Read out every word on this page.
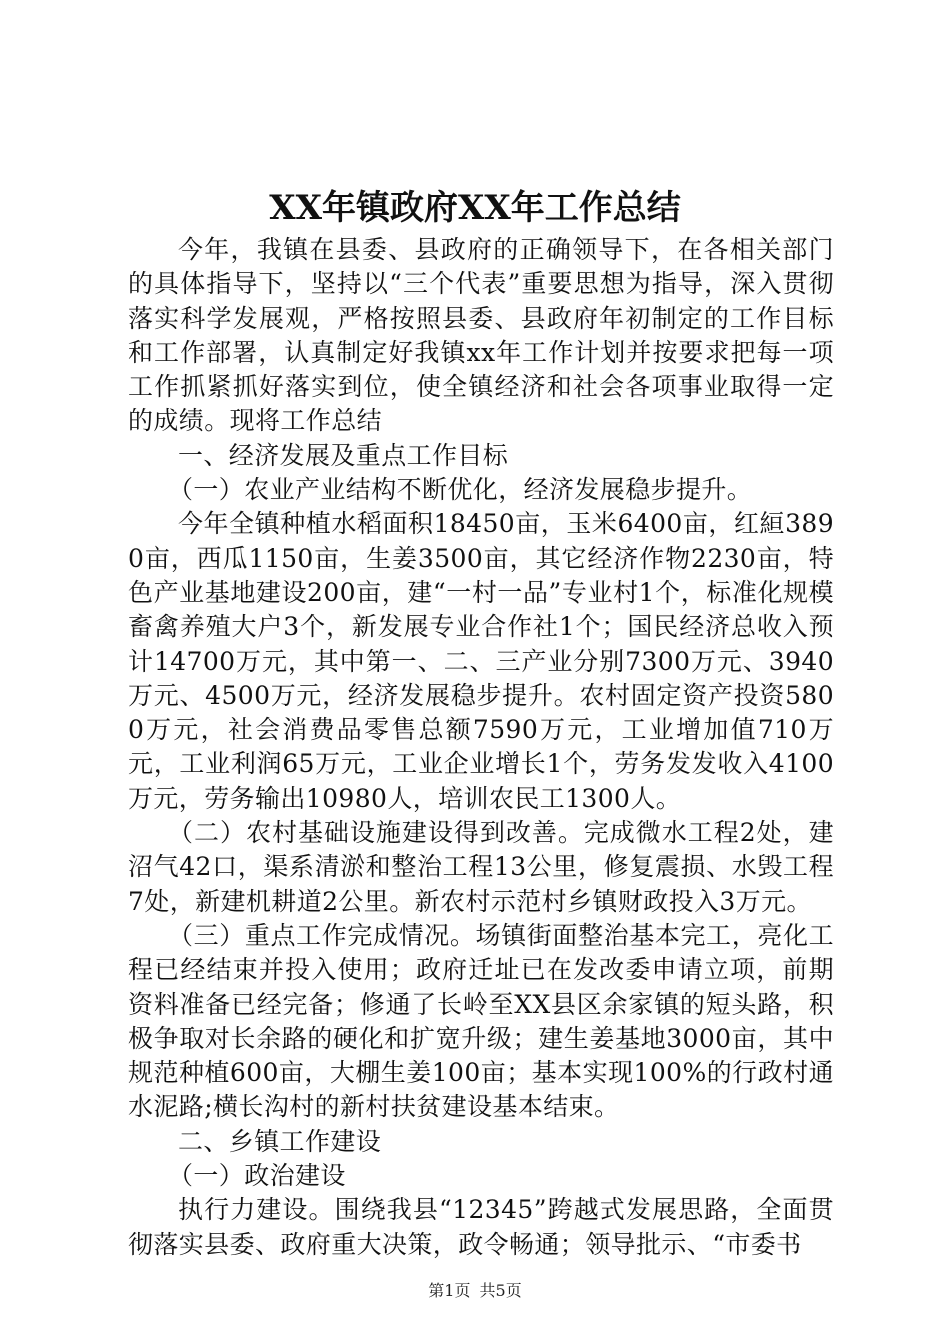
XX年镇政府XX年工作总结

今年，我镇在县委、县政府的正确领导下，在各相关部门的具体指导下，坚持以“三个代表”重要思想为指导，深入贯彻落实科学发展观，严格按照县委、县政府年初制定的工作目标和工作部署，认真制定好我镇xx年工作计划并按要求把每一项工作抓紧抓好落实到位，使全镇经济和社会各项事业取得一定的成绩。现将工作总结

一、经济发展及重点工作目标

（一）农业产业结构不断优化，经济发展稳步提升。

今年全镇种植水稻面积18450亩，玉米6400亩，红絙3890亩，西瓜1150亩，生姜3500亩，其它经济作物2230亩，特色产业基地建设200亩，建“一村一品”专业村1个，标准化规模畜禽养殖大户3个，新发展专业合作社1个；国民经济总收入预计14700万元，其中第一、二、三产业分别7300万元、3940万元、4500万元，经济发展稳步提升。农村固定资产投资5800万元，社会消费品零售总额7590万元，工业增加值710万元，工业利润65万元，工业企业增长1个，劳务发发收入4100万元，劳务输出10980人，培训农民工1300人。

（二）农村基础设施建设得到改善。完成微水工程2处，建沼气42口，渠系清淤和整治工程13公里，修复震损、水毁工程7处，新建机耕道2公里。新农村示范村乡镇财政投入3万元。

（三）重点工作完成情况。场镇街面整治基本完工，亮化工程已经结束并投入使用；政府迁址已在发改委申请立项，前期资料准备已经完备；修通了长岭至XX县区余家镇的短头路，积极争取对长余路的硬化和扩宽升级；建生姜基地3000亩，其中规范种植600亩，大棚生姜100亩；基本实现100%的行政村通水泥路;横长沟村的新村扶贫建设基本结束。

二、乡镇工作建设

（一）政治建设

执行力建设。围绕我县“12345”跨越式发展思路，全面贯彻落实县委、政府重大决策，政令畅通；领导批示、“市委书

第1页 共5页
